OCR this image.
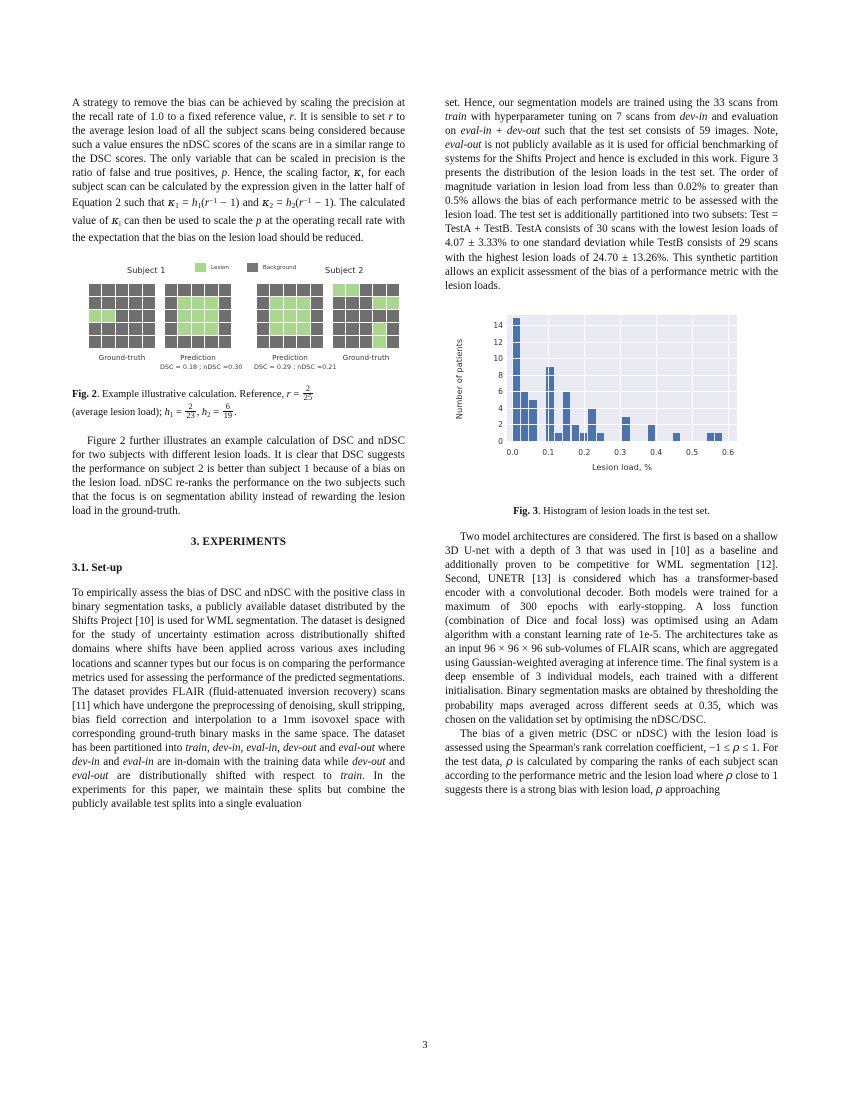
A strategy to remove the bias can be achieved by scaling the precision at the recall rate of 1.0 to a fixed reference value, r. It is sensible to set r to the average lesion load of all the subject scans being considered because such a value ensures the nDSC scores of the scans are in a similar range to the DSC scores. The only variable that can be scaled in precision is the ratio of false and true positives, p. Hence, the scaling factor, κ, for each subject scan can be calculated by the expression given in the latter half of Equation 2 such that $\kappa_1 = h_1(r^{-1} - 1)$ and $\kappa_2 = h_2(r^{-1} - 1)$. The calculated value of $\kappa_i$ can then be used to scale the p at the operating recall rate with the expectation that the bias on the lesion load should be reduced.

Lesion	Background
Subject 1	Subject 2
Ground-truth	Prediction	Prediction	Ground-truth
DSC = 0.18 ; nDSC =0.30 DSC = 0.29 ; nDSC =0.21
Fig. 2. Example illustrative calculation. Reference, $r = \frac{2}{25}$

(average lesion load); $h_1 = \frac{2}{23}$ , $h_2 = \frac{6}{19}$ .

Figure 2 further illustrates an example calculation of DSC and nDSC for two subjects with different lesion loads. It is clear that DSC suggests the performance on subject 2 is better than subject 1 because of a bias on the lesion load. nDSC re-ranks the performance on the two subjects such that the focus is on segmentation ability instead of rewarding the lesion load in the ground-truth.

3. EXPERIMENTS
3.1. Set-up

To empirically assess the bias of DSC and nDSC with the positive class in binary segmentation tasks, a publicly available dataset distributed by the Shifts Project [10] is used for WML segmentation. The dataset is designed for the study of uncertainty estimation across distributionally shifted domains where shifts have been applied across various axes including locations and scanner types but our focus is on comparing the performance metrics used for assessing the performance of the predicted segmentations. The dataset provides FLAIR (fluid-attenuated inversion recovery) scans [11] which have undergone the preprocessing of denoising, skull stripping, bias field correction and interpolation to a 1mm isovoxel space with corresponding ground-truth binary masks in the same space. The dataset has been partitioned into train, dev-in, eval-in, dev-out and eval-out where dev-in and eval-in are in-domain with the training data while dev-out and eval-out are distributionally shifted with respect to train. In the experiments for this paper, we maintain these splits but combine the publicly available test splits into a single evaluation

set. Hence, our segmentation models are trained using the 33 scans from train with hyperparameter tuning on 7 scans from dev-in and evaluation on eval-in + dev-out such that the test set consists of 59 images. Note, eval-out is not publicly available as it is used for official benchmarking of systems for the Shifts Project and hence is excluded in this work. Figure 3 presents the distribution of the lesion loads in the test set. The order of magnitude variation in lesion load from less than 0.02% to greater than 0.5% allows the bias of each performance metric to be assessed with the lesion load. The test set is additionally partitioned into two subsets: Test = TestA + TestB. TestA consists of 30 scans with the lowest lesion loads of 4.07 ± 3.33% to one standard deviation while TestB consists of 29 scans with the highest lesion loads of 24.70 ± 13.26%. This synthetic partition allows an explicit assessment of the bias of a performance metric with the lesion loads.

Number of patients
Lesion load, %
0
2
4
6
8
10
12
14
0.0	0.1	0.2	0.3	0.4	0.5	0.6
Fig. 3. Histogram of lesion loads in the test set.

Two model architectures are considered. The first is based on a shallow 3D U-net with a depth of 3 that was used in [10] as a baseline and additionally proven to be competitive for WML segmentation [12]. Second, UNETR [13] is considered which has a transformer-based encoder with a convolutional decoder. Both models were trained for a maximum of 300 epochs with early-stopping. A loss function (combination of Dice and focal loss) was optimised using an Adam algorithm with a constant learning rate of 1e-5. The architectures take as an input 96 × 96 × 96 sub-volumes of FLAIR scans, which are aggregated using Gaussian-weighted averaging at inference time. The final system is a deep ensemble of 3 individual models, each trained with a different initialisation. Binary segmentation masks are obtained by thresholding the probability maps averaged across different seeds at 0.35, which was chosen on the validation set by optimising the nDSC/DSC.

The bias of a given metric (DSC or nDSC) with the lesion load is assessed using the Spearman's rank correlation coefficient, −1 ≤ ρ ≤ 1. For the test data, ρ is calculated by comparing the ranks of each subject scan according to the performance metric and the lesion load where ρ close to 1 suggests there is a strong bias with lesion load, ρ approaching

3
